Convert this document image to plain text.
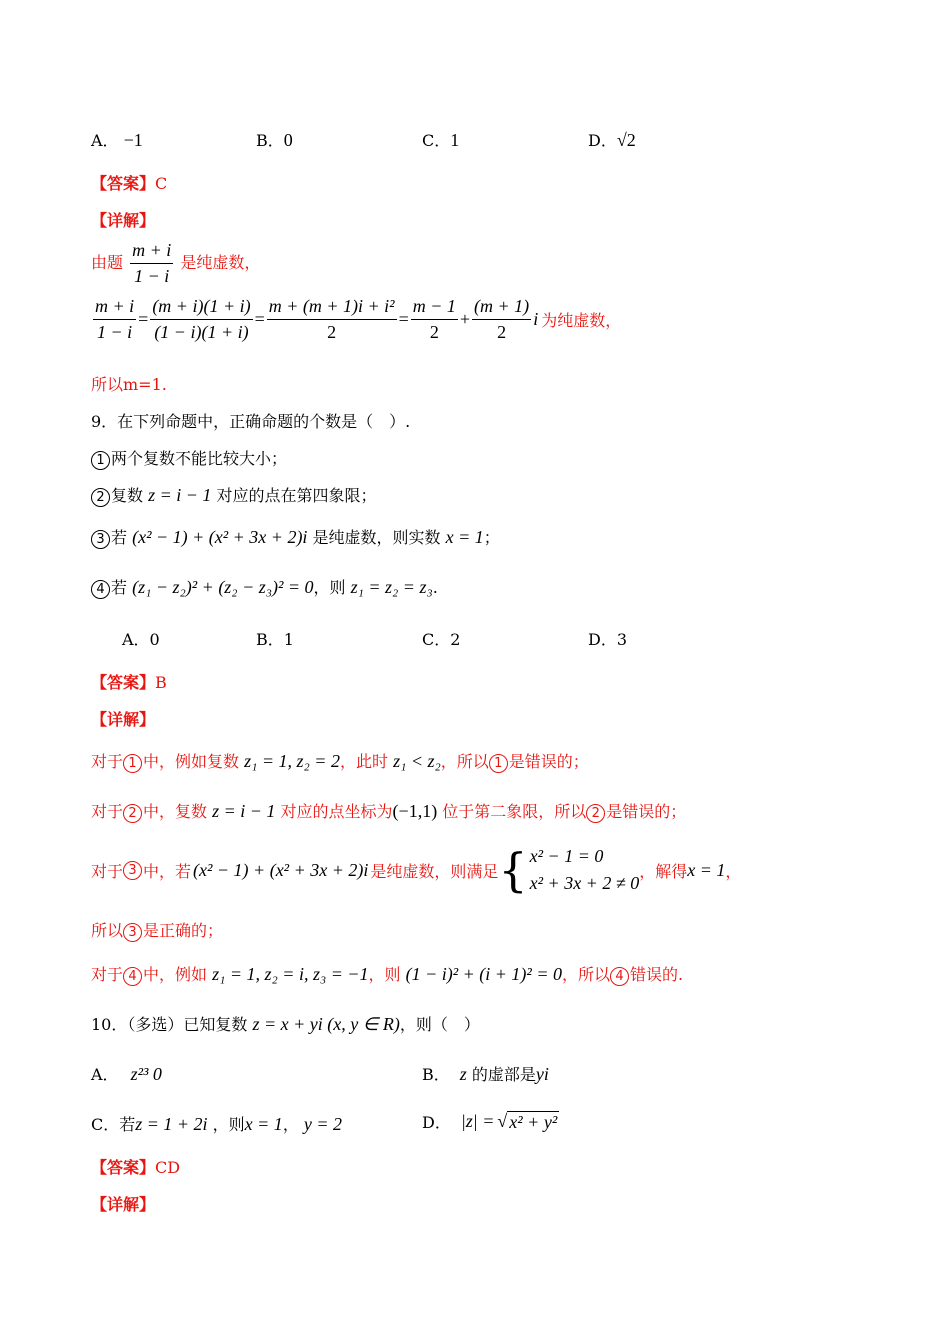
A． −1	B．0	C．1	D．√2
【答案】C
【详解】
由题 $\frac{m + i}{1 - i}$ 是纯虚数，
$\frac{m + i}{1 - i} = \frac{(m + i)(1 + i)}{(1 - i)(1 + i)} = \frac{\text{m + (m + 1)i + i²}}{2} = \frac{m - 1}{2} + \frac{(m + 1)}{2}$ i 为纯虚数，
所以m=1.
9．在下列命题中，正确命题的个数是（　）.
1 两个复数不能比较大小；
2 复数 z = i − 1 对应的点在第四象限；
3 若 (x² − 1) + (x² + 3x + 2)i 是纯虚数，则实数 x = 1；
4 若 (z₁ − z₂)² + (z₂ − z₃)² = 0，则 z₁ = z₂ = z₃.
A．0	B．1	C．2	D．3
【答案】B
【详解】
对于 1 中，例如复数 z₁ = 1, z₂ = 2，此时 z₁ < z₂，所以 1 是错误的；
对于 2 中，复数 z = i − 1 对应的点坐标为(−1,1) 位于第二象限，所以 2 是错误的；
对于 3 中，若 (x² − 1) + (x² + 3x + 2)i 是纯虚数，则满足 { x² − 1 = 0
x² + 3x + 2 ≠ 0
，解得 x = 1 ，
所以 3 是正确的；
对于 4 中，例如 z₁ = 1, z₂ = i, z₃ = −1，则 (1 − i)² + (i + 1)² = 0，所以 4 错误的.
10．（多选）已知复数 z = x + yi (x, y ∈ R)，则（　）
A． z²³ 0	B． z 的虚部是yi
C．若z = 1 + 2i ，则x = 1， y = 2	D． |z| = √ x² + y²
【答案】CD
【详解】
